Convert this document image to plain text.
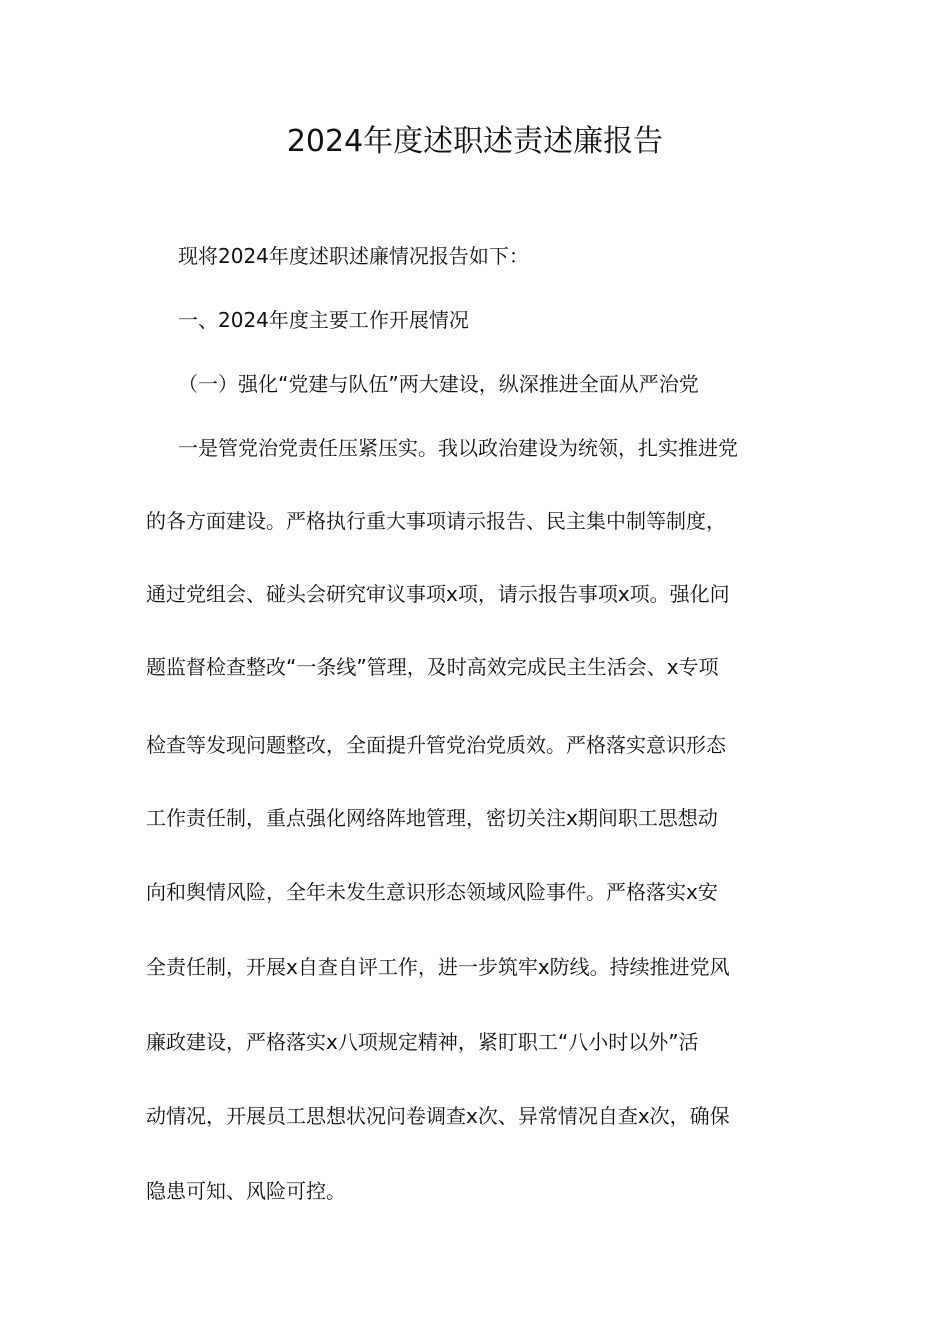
2024年度述职述责述廉报告
现将2024年度述职述廉情况报告如下：
一、2024年度主要工作开展情况
（一）强化“党建与队伍”两大建设，纵深推进全面从严治党
一是管党治党责任压紧压实。我以政治建设为统领，扎实推进党
的各方面建设。严格执行重大事项请示报告、民主集中制等制度，
通过党组会、碰头会研究审议事项x项，请示报告事项x项。强化问
题监督检查整改“一条线”管理，及时高效完成民主生活会、x专项
检查等发现问题整改，全面提升管党治党质效。严格落实意识形态
工作责任制，重点强化网络阵地管理，密切关注x期间职工思想动
向和舆情风险，全年未发生意识形态领域风险事件。严格落实x安
全责任制，开展x自查自评工作，进一步筑牢x防线。持续推进党风
廉政建设，严格落实x八项规定精神，紧盯职工“八小时以外”活
动情况，开展员工思想状况问卷调查x次、异常情况自查x次，确保
隐患可知、风险可控。
